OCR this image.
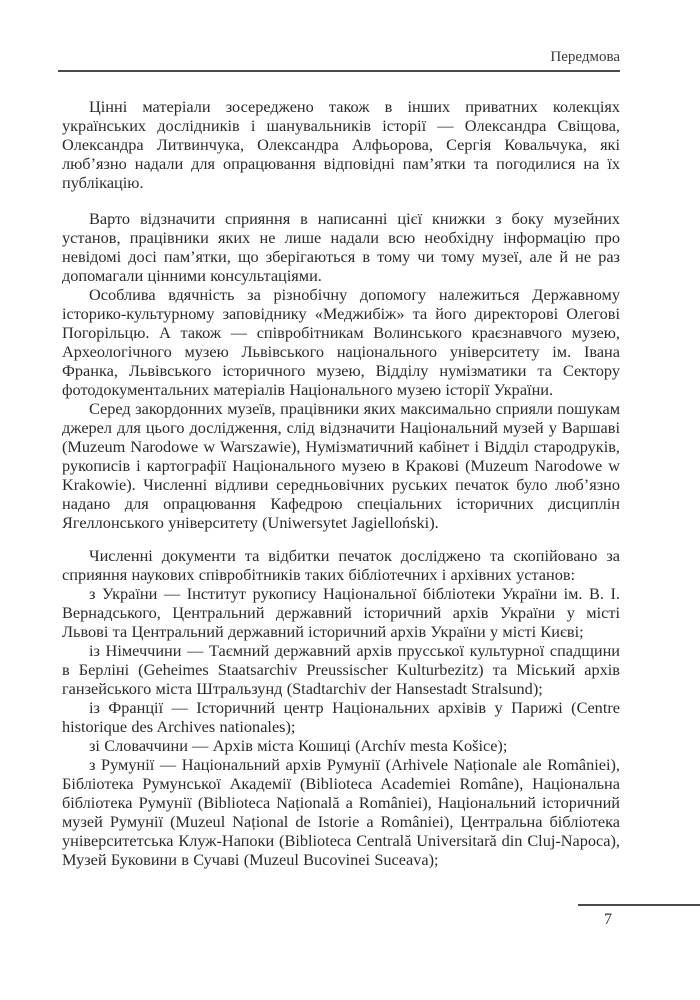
Передмова

Цінні матеріали зосереджено також в інших приватних колекціях українських дослідників і шанувальників історії — Олександра Свіщова, Олександра Литвинчука, Олександра Алфьорова, Сергія Ковальчука, які люб’язно надали для опрацювання відповідні пам’ятки та погодилися на їх публікацію.

Варто відзначити сприяння в написанні цієї книжки з боку музейних установ, працівники яких не лише надали всю необхідну інформацію про невідомі досі пам’ятки, що зберігаються в тому чи тому музеї, але й не раз допомагали цінними консультаціями.

Особлива вдячність за різнобічну допомогу належиться Державному історико-культурному заповіднику «Меджибіж» та його директорові Олегові Погорільцю. А також — співробітникам Волинського краєзнавчого музею, Археологічного музею Львівського національного університету ім. Івана Франка, Львівського історичного музею, Відділу нумізматики та Сектору фотодокументальних матеріалів Національного музею історії України.

Серед закордонних музеїв, працівники яких максимально сприяли пошукам джерел для цього дослідження, слід відзначити Національний музей у Варшаві (Muzeum Narodowe w Warszawie), Нумізматичний кабінет і Відділ стародруків, рукописів і картографії Національного музею в Кракові (Muzeum Narodowe w Krakowie). Численні відливи середньовічних руських печаток було люб’язно надано для опрацювання Кафедрою спеціальних історичних дисциплін Ягеллонського університету (Uniwersytet Jagielloński).

Численні документи та відбитки печаток досліджено та скопійовано за сприяння наукових співробітників таких бібліотечних і архівних установ:

з України — Інститут рукопису Національної бібліотеки України ім. В. І. Вернадського, Центральний державний історичний архів України у місті Львові та Центральний державний історичний архів України у місті Києві;

із Німеччини — Таємний державний архів прусської культурної спадщини в Берліні (Geheimes Staatsarchiv Preussischer Kulturbezitz) та Міський архів ганзейського міста Штральзунд (Stadtarchiv der Hansestadt Stralsund);

із Франції — Історичний центр Національних архівів у Парижі (Centre historique des Archives nationales);

зі Словаччини — Архів міста Кошиці (Archív mesta Košice);

з Румунії — Національний архів Румунії (Arhivele Naționale ale României), Бібліотека Румунської Академії (Biblioteca Academiei Române), Національна бібліотека Румунії (Biblioteca Națională a României), Національний історичний музей Румунії (Muzeul Național de Istorie a României), Центральна бібліотека університетська Клуж-Напоки (Biblioteca Centrală Universitară din Cluj-Napoca), Музей Буковини в Сучаві (Muzeul Bucovinei Suceava);

7
